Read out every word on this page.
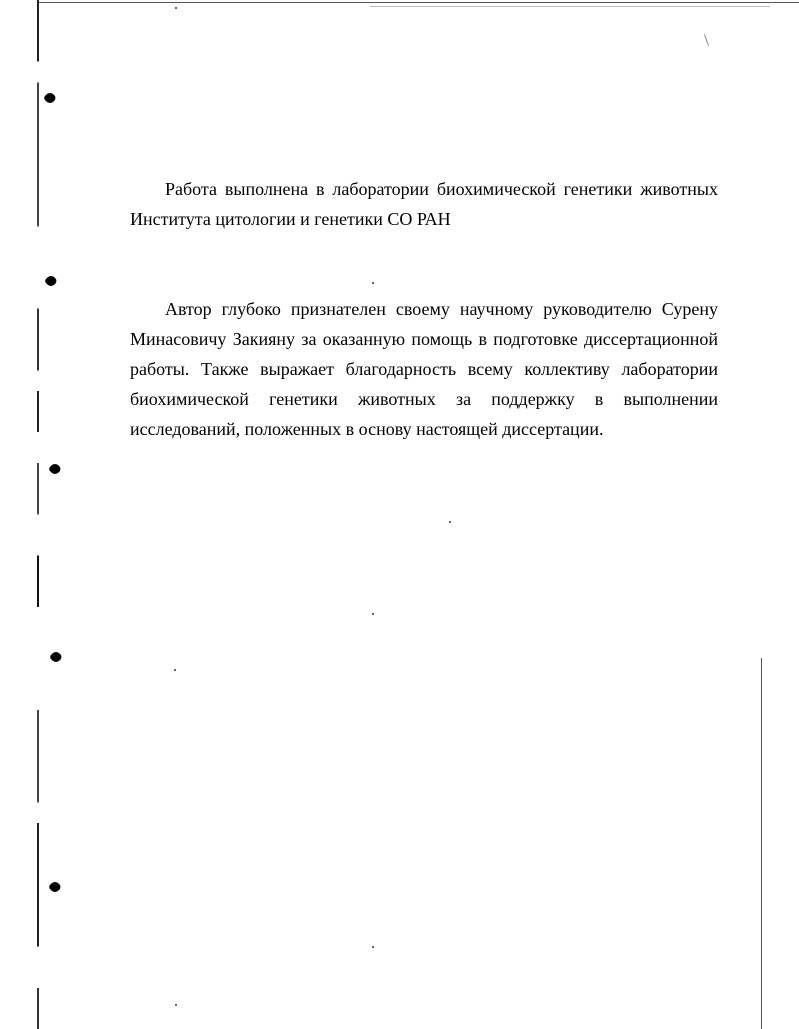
Работа выполнена в лаборатории биохимической генетики животных Института цитологии и генетики СО РАН

Автор глубоко признателен своему научному руководителю Сурену Минасовичу Закияну за оказанную помощь в подготовке диссертационной работы. Также выражает благодарность всему коллективу лаборатории биохимической генетики животных за поддержку в выполнении исследований, положенных в основу настоящей диссертации.
